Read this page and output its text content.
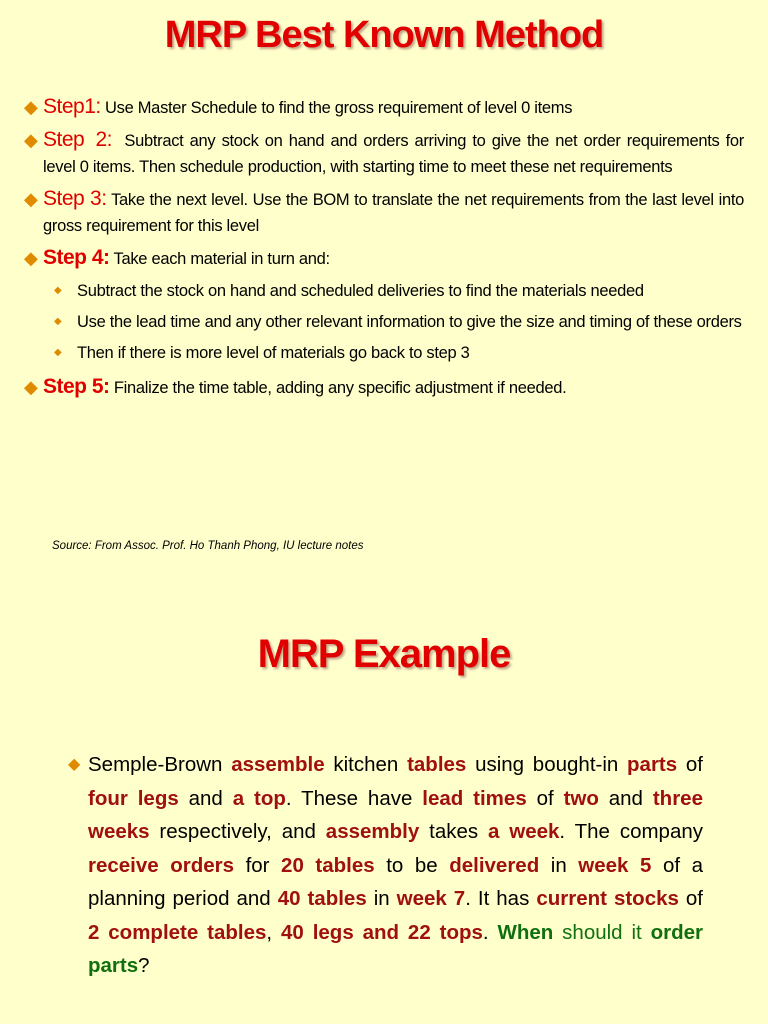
MRP Best Known Method
◆ Step1: Use Master Schedule to find the gross requirement of level 0 items
◆ Step 2: Subtract any stock on hand and orders arriving to give the net order requirements for level 0 items. Then schedule production, with starting time to meet these net requirements
◆ Step 3: Take the next level. Use the BOM to translate the net requirements from the last level into gross requirement for this level
◆ Step 4: Take each material in turn and:
◆ Subtract the stock on hand and scheduled deliveries to find the materials needed
◆ Use the lead time and any other relevant information to give the size and timing of these orders
◆ Then if there is more level of materials go back to step 3
◆ Step 5: Finalize the time table, adding any specific adjustment if needed.
Source: From Assoc. Prof. Ho Thanh Phong, IU lecture notes
MRP Example
◆ Semple-Brown assemble kitchen tables using bought-in parts of four legs and a top. These have lead times of two and three weeks respectively, and assembly takes a week. The company receive orders for 20 tables to be delivered in week 5 of a planning period and 40 tables in week 7. It has current stocks of 2 complete tables, 40 legs and 22 tops. When should it order parts?
